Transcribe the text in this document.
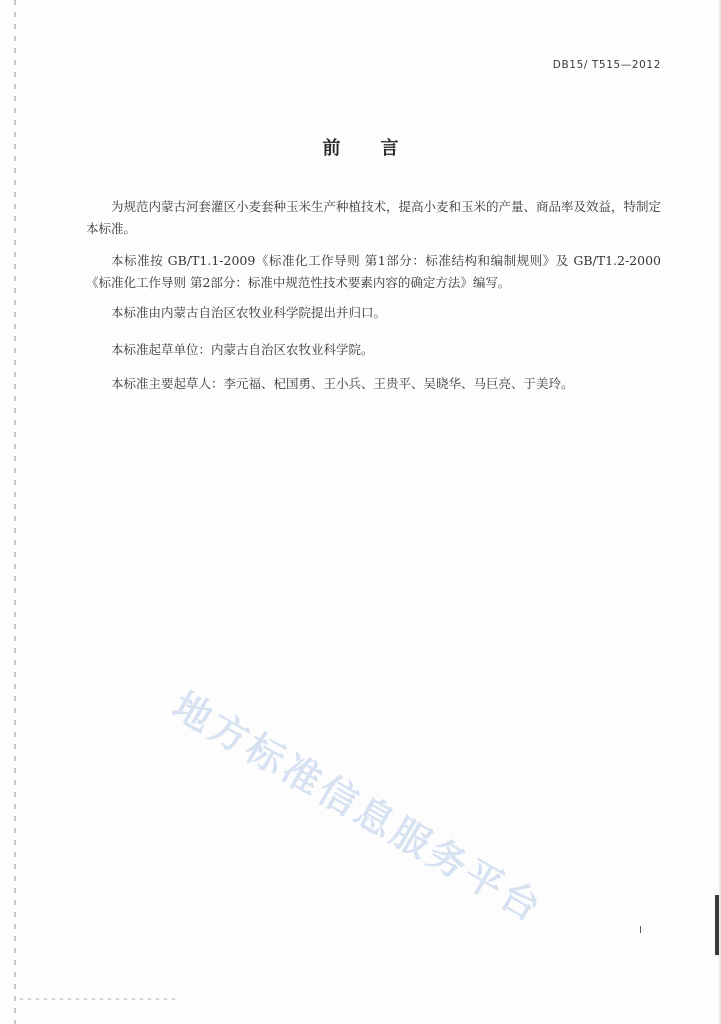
DB15/ T515—2012
前言

为规范内蒙古河套灌区小麦套种玉米生产种植技术，提高小麦和玉米的产量、商品率及效益，特制定本标准。

本标准按 GB/T1.1-2009《标准化工作导则 第1部分：标准结构和编制规则》及 GB/T1.2-2000《标准化工作导则 第2部分：标准中规范性技术要素内容的确定方法》编写。

本标准由内蒙古自治区农牧业科学院提出并归口。

本标准起草单位：内蒙古自治区农牧业科学院。

本标准主要起草人：李元福、杞国勇、王小兵、王贵平、吴晓华、马巨亮、于美玲。

地方标准信息服务平台	I
